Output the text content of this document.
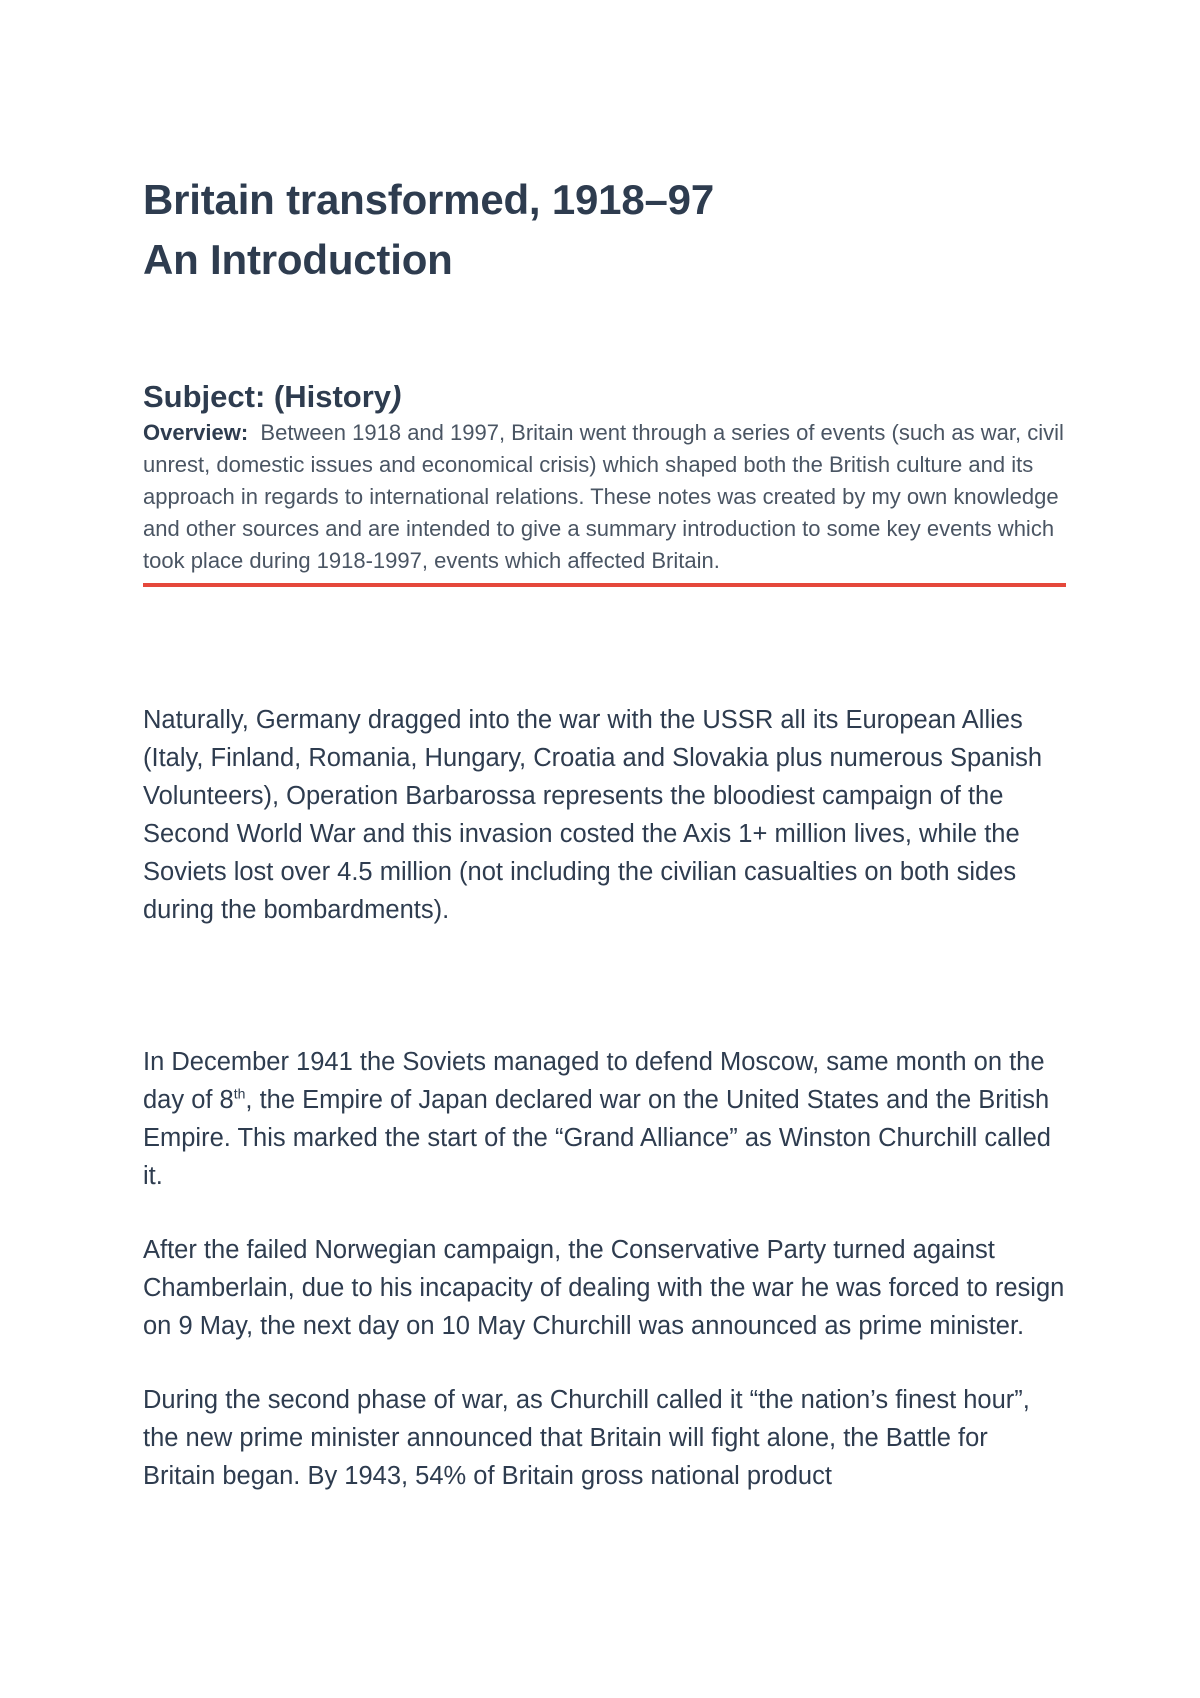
Britain transformed, 1918–97
An Introduction
Subject: (History)

Overview: Between 1918 and 1997, Britain went through a series of events (such as war, civil unrest, domestic issues and economical crisis) which shaped both the British culture and its approach in regards to international relations. These notes was created by my own knowledge and other sources and are intended to give a summary introduction to some key events which took place during 1918-1997, events which affected Britain.

Naturally, Germany dragged into the war with the USSR all its European Allies (Italy, Finland, Romania, Hungary, Croatia and Slovakia plus numerous Spanish Volunteers), Operation Barbarossa represents the bloodiest campaign of the Second World War and this invasion costed the Axis 1+ million lives, while the Soviets lost over 4.5 million (not including the civilian casualties on both sides during the bombardments).

In December 1941 the Soviets managed to defend Moscow, same month on the day of 8th, the Empire of Japan declared war on the United States and the British Empire. This marked the start of the “Grand Alliance” as Winston Churchill called it.

After the failed Norwegian campaign, the Conservative Party turned against Chamberlain, due to his incapacity of dealing with the war he was forced to resign on 9 May, the next day on 10 May Churchill was announced as prime minister.

During the second phase of war, as Churchill called it “the nation’s finest hour”, the new prime minister announced that Britain will fight alone, the Battle for Britain began. By 1943, 54% of Britain gross national product
